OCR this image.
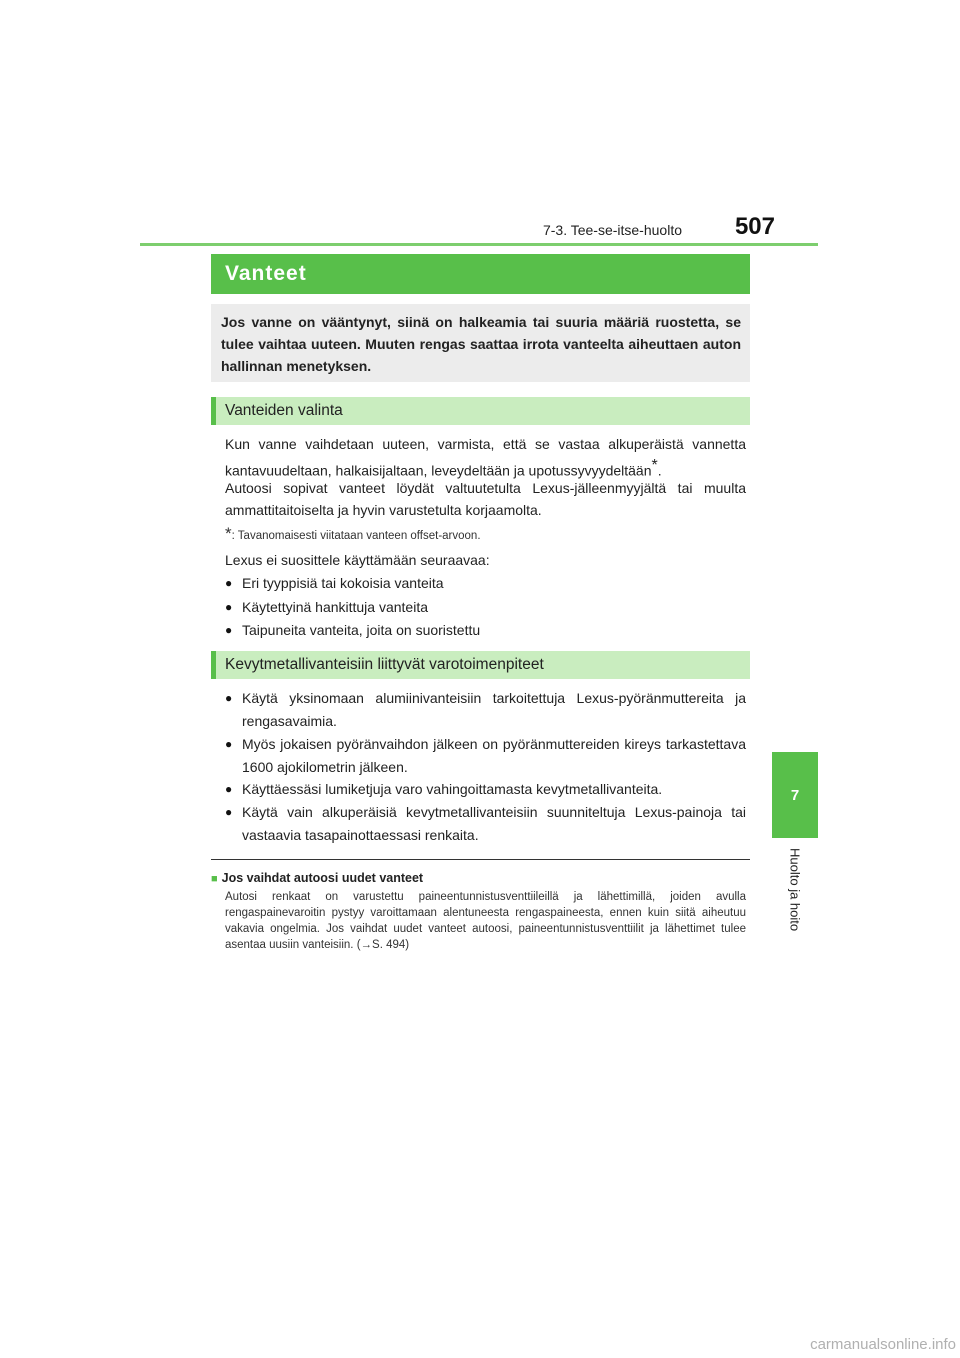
7-3. Tee-se-itse-huolto	507
7
Huolto ja hoito
Vanteet
Jos vanne on vääntynyt, siinä on halkeamia tai suuria määriä ruostetta, se tulee vaihtaa uuteen. Muuten rengas saattaa irrota vanteelta aiheuttaen auton hallinnan menetyksen.
Vanteiden valinta
Kun vanne vaihdetaan uuteen, varmista, että se vastaa alkuperäistä vannetta kantavuudeltaan, halkaisijaltaan, leveydeltään ja upotussyvyydeltään*.
Autoosi sopivat vanteet löydät valtuutetulta Lexus-jälleenmyyjältä tai muulta ammattitaitoiselta ja hyvin varustetulta korjaamolta.
*: Tavanomaisesti viitataan vanteen offset-arvoon.
Lexus ei suosittele käyttämään seuraavaa:
● Eri tyyppisiä tai kokoisia vanteita
● Käytettyinä hankittuja vanteita
● Taipuneita vanteita, joita on suoristettu
Kevytmetallivanteisiin liittyvät varotoimenpiteet
● Käytä yksinomaan alumiinivanteisiin tarkoitettuja Lexus-pyöränmuttereita ja rengasavaimia.
● Myös jokaisen pyöränvaihdon jälkeen on pyöränmuttereiden kireys tarkastettava 1600 ajokilometrin jälkeen.
● Käyttäessäsi lumiketjuja varo vahingoittamasta kevytmetallivanteita.
● Käytä vain alkuperäisiä kevytmetallivanteisiin suunniteltuja Lexus-painoja tai vastaavia tasapainottaessasi renkaita.
■ Jos vaihdat autoosi uudet vanteet
Autosi renkaat on varustettu paineentunnistusventtiileillä ja lähettimillä, joiden avulla rengaspainevaroitin pystyy varoittamaan alentuneesta rengaspaineesta, ennen kuin siitä aiheutuu vakavia ongelmia. Jos vaihdat uudet vanteet autoosi, paineentunnistusventtiilit ja lähettimet tulee asentaa uusiin vanteisiin. (→S. 494)
carmanualsonline.info
